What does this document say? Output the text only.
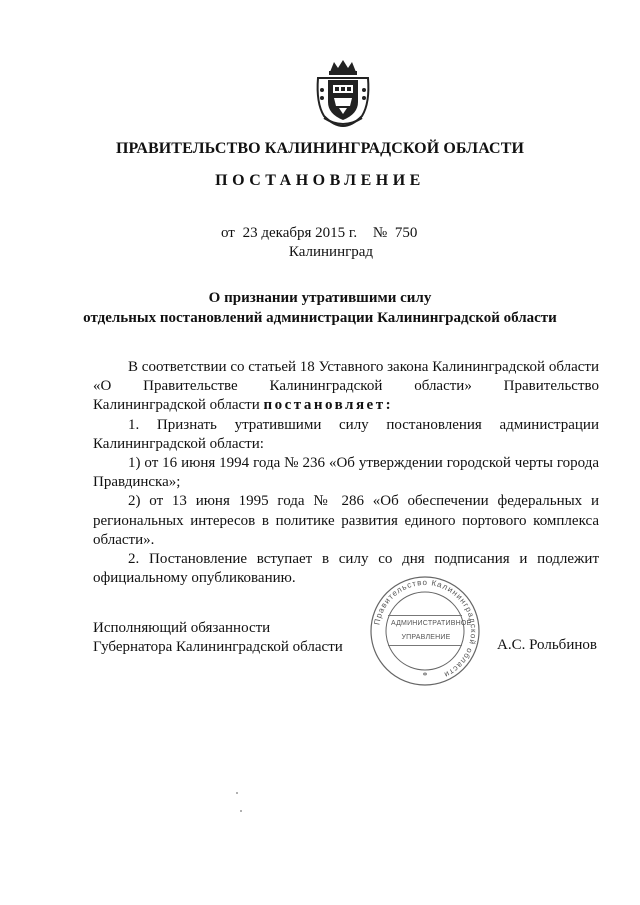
ПРАВИТЕЛЬСТВО КАЛИНИНГРАДСКОЙ ОБЛАСТИ
ПОСТАНОВЛЕНИЕ
от 23 декабря 2015 г. № 750
Калининград
О признании утратившими силу
отдельных постановлений администрации Калининградской области

В соответствии со статьей 18 Уставного закона Калининградской области «О Правительстве Калининградской области» Правительство Калининградской области постановляет:

1. Признать утратившими силу постановления администрации Калининградской области:

1) от 16 июня 1994 года № 236 «Об утверждении городской черты города Правдинска»;

2) от 13 июня 1995 года № 286 «Об обеспечении федеральных и региональных интересов в политике развития единого портового комплекса области».

2. Постановление вступает в силу со дня подписания и подлежит официальному опубликованию.

Правительство Калининградской области
*
АДМИНИСТРАТИВНОЕ
УПРАВЛЕНИЕ
Исполняющий обязанности
Губернатора Калининградской области	А.С. Рольбинов
